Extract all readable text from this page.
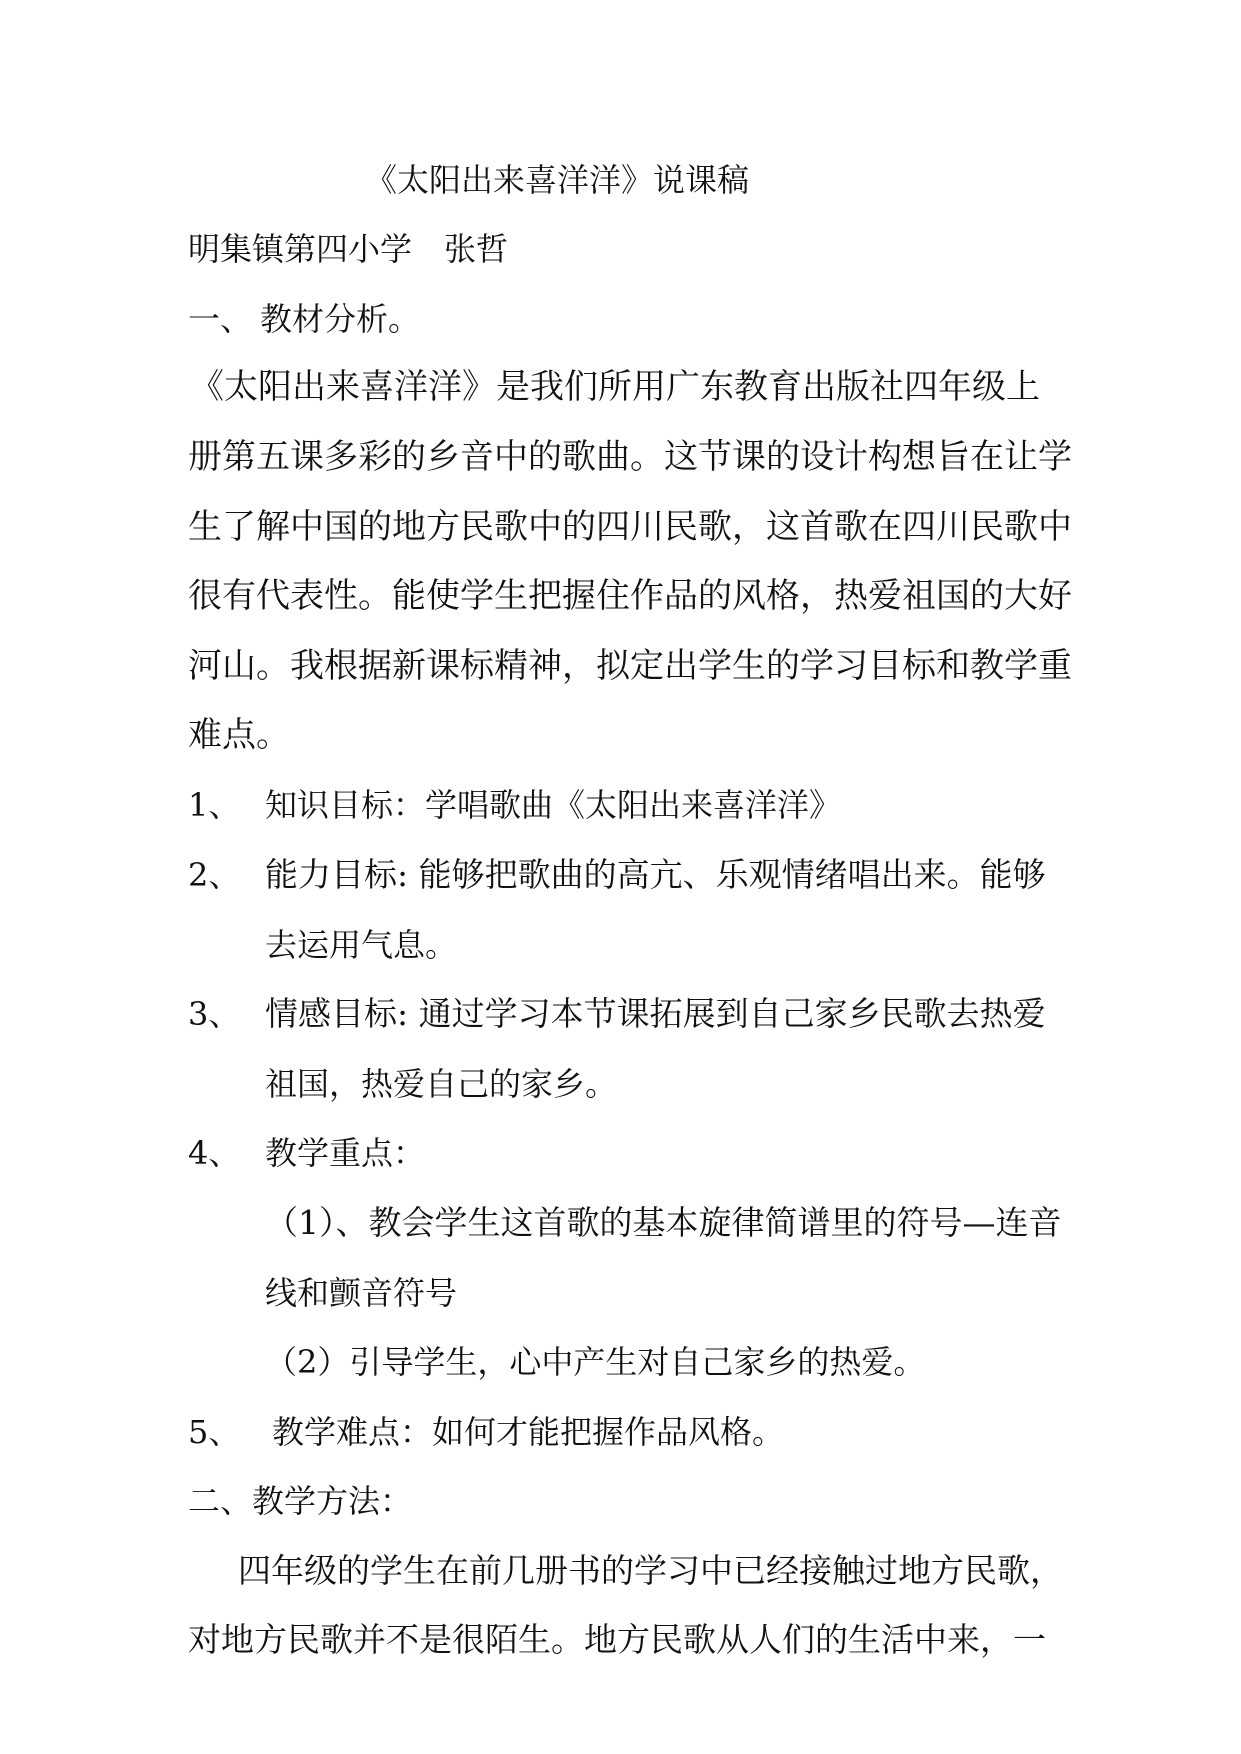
《太阳出来喜洋洋》说课稿

明集镇第四小学 张哲

一、 教材分析。

《太阳出来喜洋洋》是我们所用广东教育出版社四年级上

册第五课多彩的乡音中的歌曲。这节课的设计构想旨在让学

生了解中国的地方民歌中的四川民歌，这首歌在四川民歌中

很有代表性。能使学生把握住作品的风格，热爱祖国的大好

河山。我根据新课标精神，拟定出学生的学习目标和教学重

难点。

1、 知识目标：学唱歌曲《太阳出来喜洋洋》
2、 能力目标: 能够把歌曲的高亢、乐观情绪唱出来。能够
去运用气息。
3、 情感目标: 通过学习本节课拓展到自己家乡民歌去热爱
祖国，热爱自己的家乡。
4、 教学重点：
（1）、教会学生这首歌的基本旋律简谱里的符号—连音
线和颤音符号
（2）引导学生，心中产生对自己家乡的热爱。
5、 教学难点：如何才能把握作品风格。

二、教学方法：

四年级的学生在前几册书的学习中已经接触过地方民歌，

对地方民歌并不是很陌生。地方民歌从人们的生活中来，一
